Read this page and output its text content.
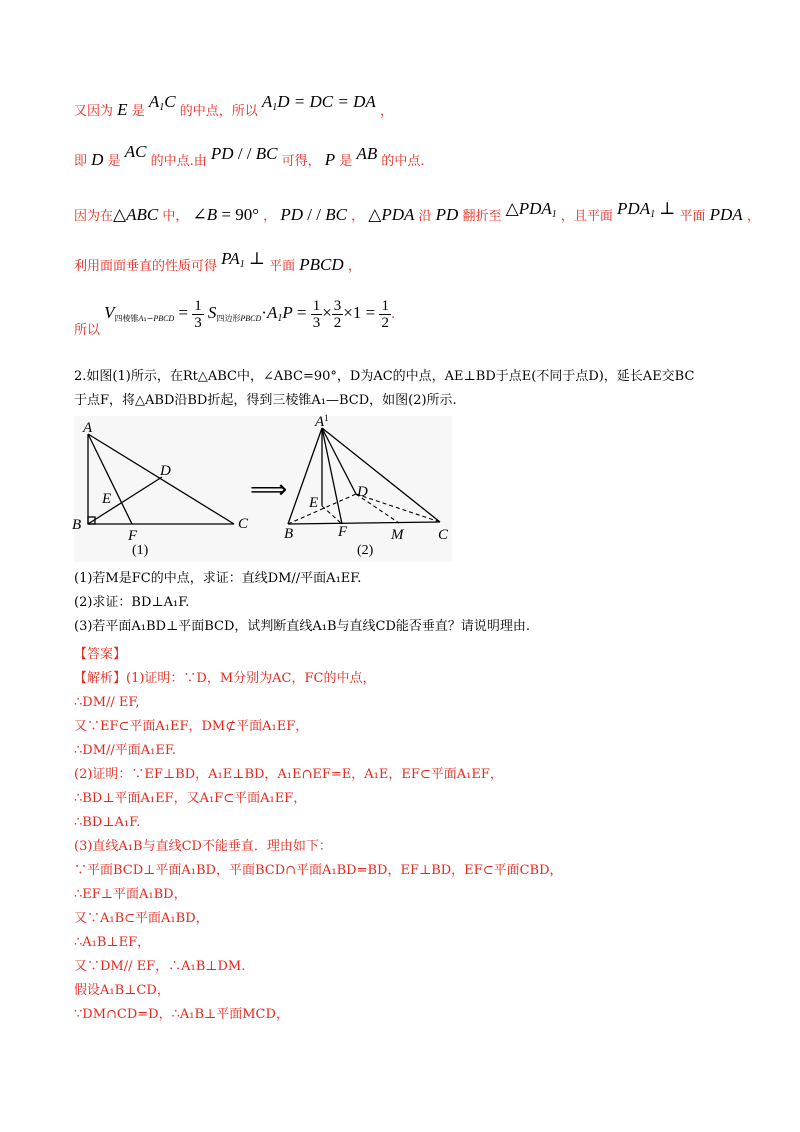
又因为 E 是 $A_1C$ 的中点，所以 $A_1D$ = DC = DA ，
即 D 是 AC 的中点.由 PD / / BC 可得， P 是 AB 的中点.
因为在△ABC 中， ∠B = 90° ， PD / / BC ， △PDA 沿 PD 翻折至 $\triangle PDA_1$ ，且平面 $PDA_1$ ⊥ 平面 PDA ，
利用面面垂直的性质可得 $PA_1$ ⊥ 平面 PBCD ，
所以 $V_{四棱锥A_1-PBCD} = \frac{1}{3} S_{四边形PBCD}\cdot A_1P = \frac{1}{3} \times \frac{3}{2} \times 1 = \frac{1}{2}$ .
2.如图(1)所示，在Rt△ABC中，∠ABC=90°，D为AC的中点，AE⊥BD于点E(不同于点D)，延长AE交BC
于点F，将△ABD沿BD折起，得到三棱锥A₁—BCD，如图(2)所示.
A
B	C
D
E
F
(1)
⟹
$A^1$
B	C
D
E
F	M
(2)
(1)若M是FC的中点，求证：直线DM//平面A₁EF.
(2)求证：BD⊥A₁F.
(3)若平面A₁BD⊥平面BCD，试判断直线A₁B与直线CD能否垂直？请说明理由.
【答案】
【解析】(1)证明：∵D，M分别为AC，FC的中点，
∴DM// EF,
又∵EF⊂平面A₁EF，DM⊄平面A₁EF，
∴DM//平面A₁EF.
(2)证明：∵EF⊥BD，A₁E⊥BD，A₁E∩EF=E，A₁E，EF⊂平面A₁EF，
∴BD⊥平面A₁EF，又A₁F⊂平面A₁EF，
∴BD⊥A₁F.
(3)直线A₁B与直线CD不能垂直．理由如下：
∵平面BCD⊥平面A₁BD，平面BCD∩平面A₁BD=BD，EF⊥BD，EF⊂平面CBD，
∴EF⊥平面A₁BD，
又∵A₁B⊂平面A₁BD，
∴A₁B⊥EF，
又∵DM// EF，∴A₁B⊥DM.
假设A₁B⊥CD，
∵DM∩CD=D，∴A₁B⊥平面MCD，
